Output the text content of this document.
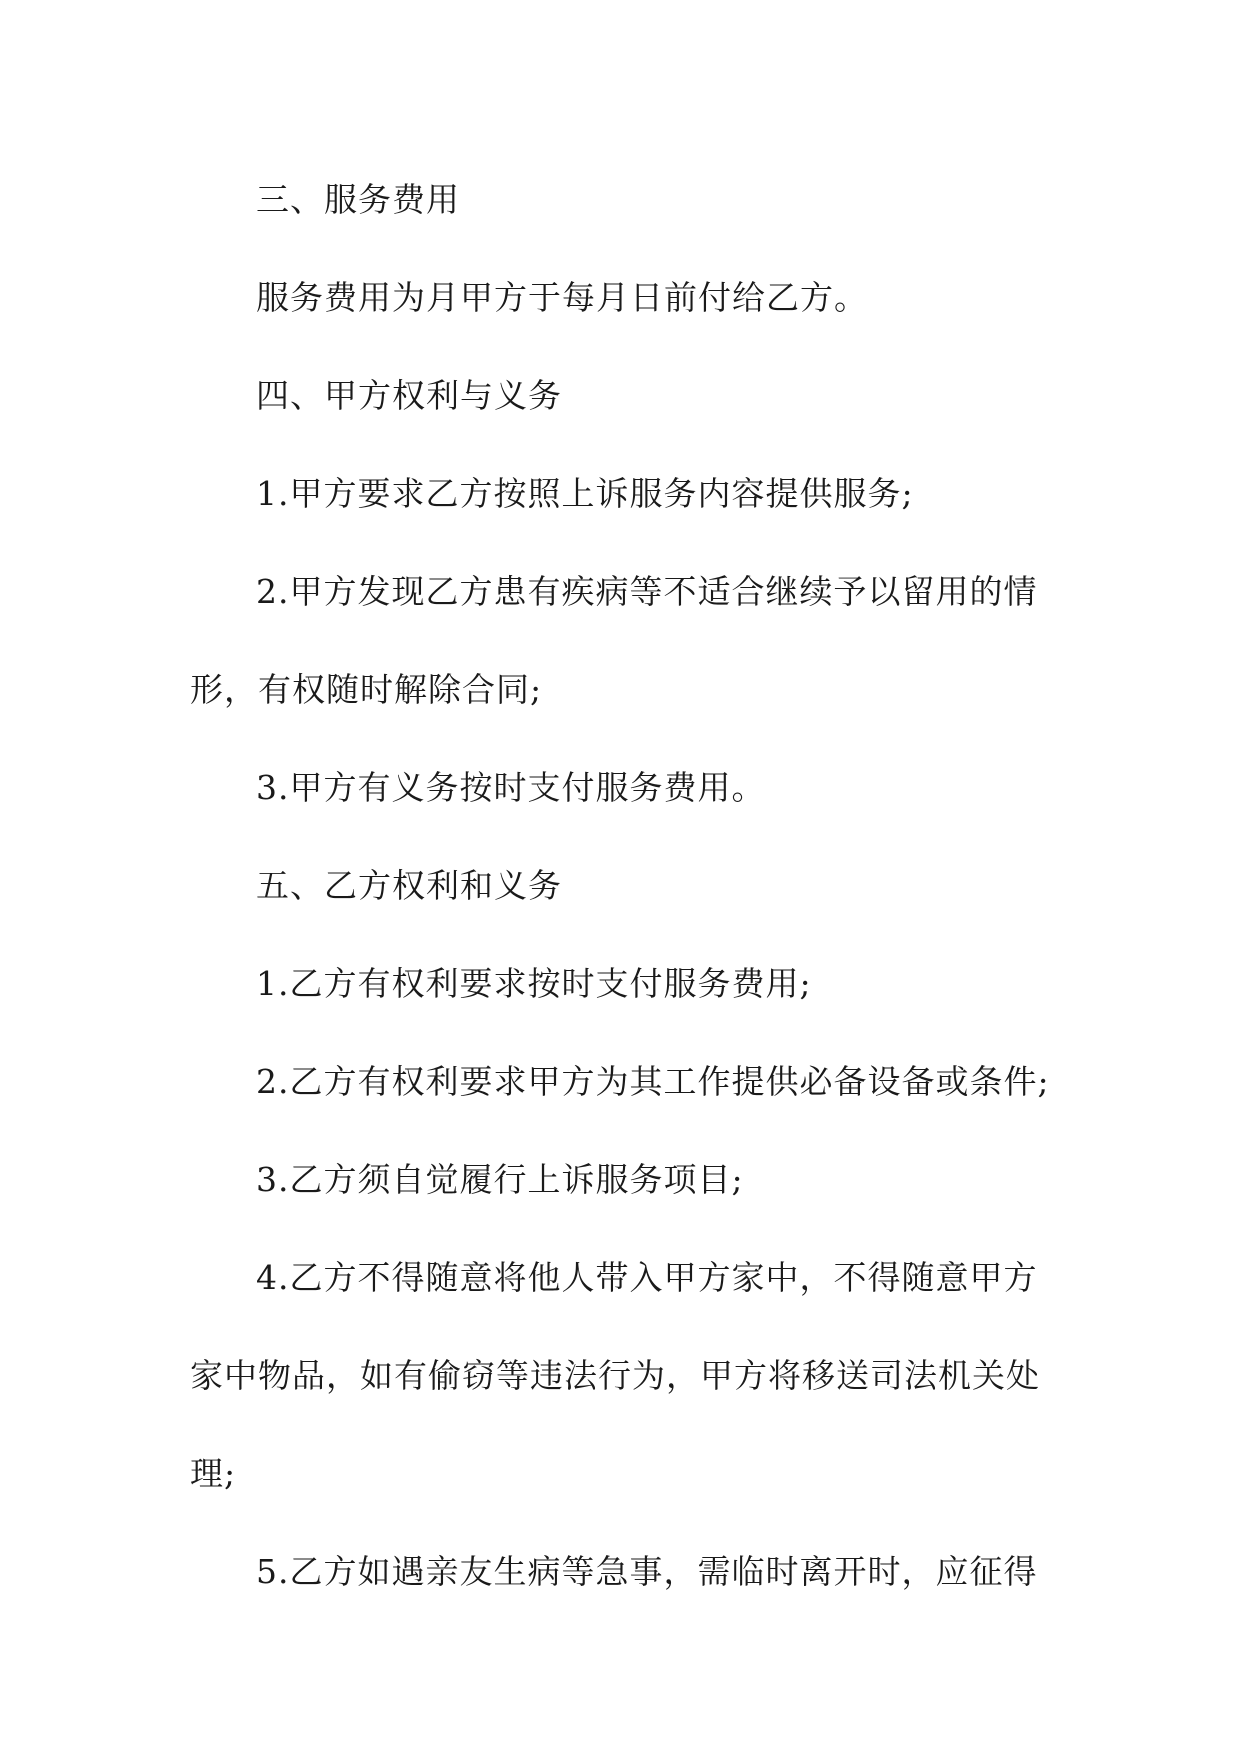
三、服务费用
服务费用为月甲方于每月日前付给乙方。
四、甲方权利与义务
1.甲方要求乙方按照上诉服务内容提供服务;
2.甲方发现乙方患有疾病等不适合继续予以留用的情
形，有权随时解除合同;
3.甲方有义务按时支付服务费用。
五、乙方权利和义务
1.乙方有权利要求按时支付服务费用;
2.乙方有权利要求甲方为其工作提供必备设备或条件;
3.乙方须自觉履行上诉服务项目;
4.乙方不得随意将他人带入甲方家中，不得随意甲方
家中物品，如有偷窃等违法行为，甲方将移送司法机关处
理;
5.乙方如遇亲友生病等急事，需临时离开时，应征得
